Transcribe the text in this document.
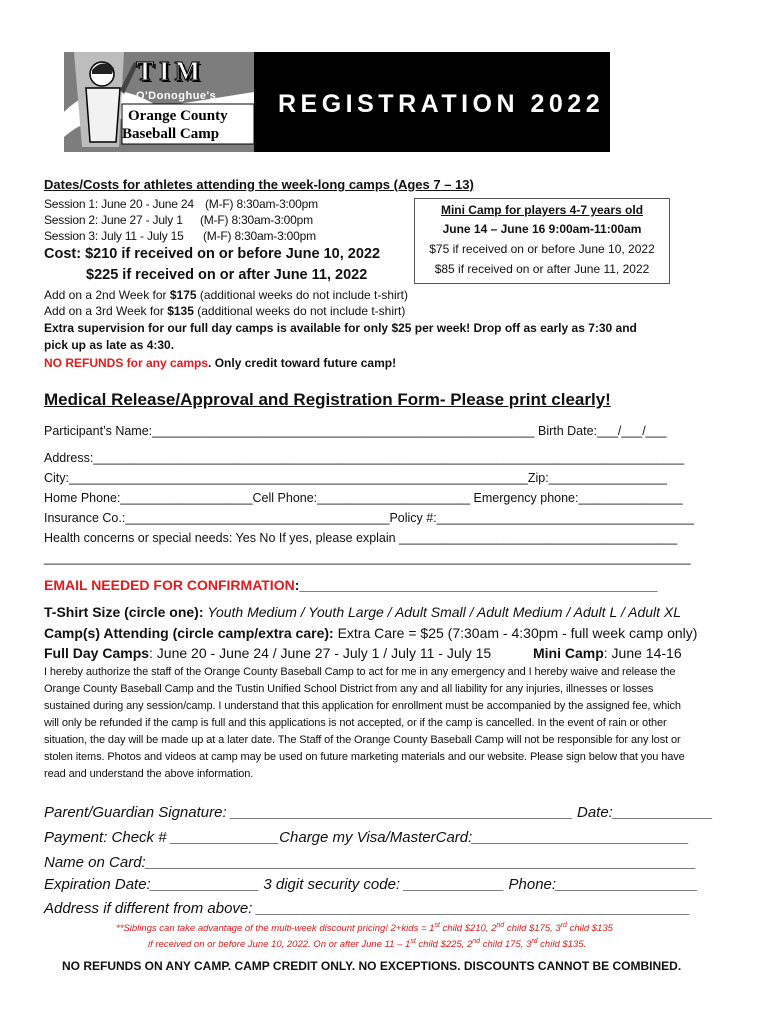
TIM
O'Donoghue's
Orange County
Baseball Camp
REGISTRATION 2022
Dates/Costs for athletes attending the week-long camps (Ages 7 – 13)
Session 1: June 20 - June 24 (M-F) 8:30am-3:00pm
Session 2: June 27 - July 1 (M-F) 8:30am-3:00pm
Session 3: July 11 - July 15 (M-F) 8:30am-3:00pm
Cost: $210 if received on or before June 10, 2022
$225 if received on or after June 11, 2022
Mini Camp for players 4-7 years old
June 14 – June 16 9:00am-11:00am
$75 if received on or before June 10, 2022
$85 if received on or after June 11, 2022
Add on a 2nd Week for $175 (additional weeks do not include t-shirt)
Add on a 3rd Week for $135 (additional weeks do not include t-shirt)
Extra supervision for our full day camps is available for only $25 per week! Drop off as early as 7:30 and
pick up as late as 4:30.
NO REFUNDS for any camps. Only credit toward future camp!
Medical Release/Approval and Registration Form- Please print clearly!
Participant’s Name:_______________________________________________________ Birth Date:___/___/___
Address:_____________________________________________________________________________________
City:__________________________________________________________________Zip:_________________
Home Phone:___________________Cell Phone:______________________ Emergency phone:_______________
Insurance Co.:______________________________________Policy #:_____________________________________
Health concerns or special needs: Yes No If yes, please explain ________________________________________
_____________________________________________________________________________________________
EMAIL NEEDED FOR CONFIRMATION:______________________________________________
T-Shirt Size (circle one): Youth Medium / Youth Large / Adult Small / Adult Medium / Adult L / Adult XL
Camp(s) Attending (circle camp/extra care): Extra Care = $25 (7:30am - 4:30pm - full week camp only)
Full Day Camps: June 20 - June 24 / June 27 - July 1 / July 11 - July 15	Mini Camp: June 14-16
I hereby authorize the staff of the Orange County Baseball Camp to act for me in any emergency and I hereby waive and release the
Orange County Baseball Camp and the Tustin Unified School District from any and all liability for any injuries, illnesses or losses
sustained during any session/camp. I understand that this application for enrollment must be accompanied by the assigned fee, which
will only be refunded if the camp is full and this applications is not accepted, or if the camp is cancelled. In the event of rain or other
situation, the day will be made up at a later date. The Staff of the Orange County Baseball Camp will not be responsible for any lost or
stolen items. Photos and videos at camp may be used on future marketing materials and our website. Please sign below that you have
read and understand the above information.
Parent/Guardian Signature: _________________________________________ Date:____________
Payment: Check # _____________Charge my Visa/MasterCard:__________________________
Name on Card:__________________________________________________________________
Expiration Date:_____________ 3 digit security code: ____________ Phone:_________________
Address if different from above: ____________________________________________________
**Siblings can take advantage of the multi-week discount pricing! 2+kids = 1st child $210, 2nd child $175, 3rd child $135
if received on or before June 10, 2022. On or after June 11 – 1st child $225, 2nd child 175, 3rd child $135.
NO REFUNDS ON ANY CAMP. CAMP CREDIT ONLY. NO EXCEPTIONS. DISCOUNTS CANNOT BE COMBINED.
